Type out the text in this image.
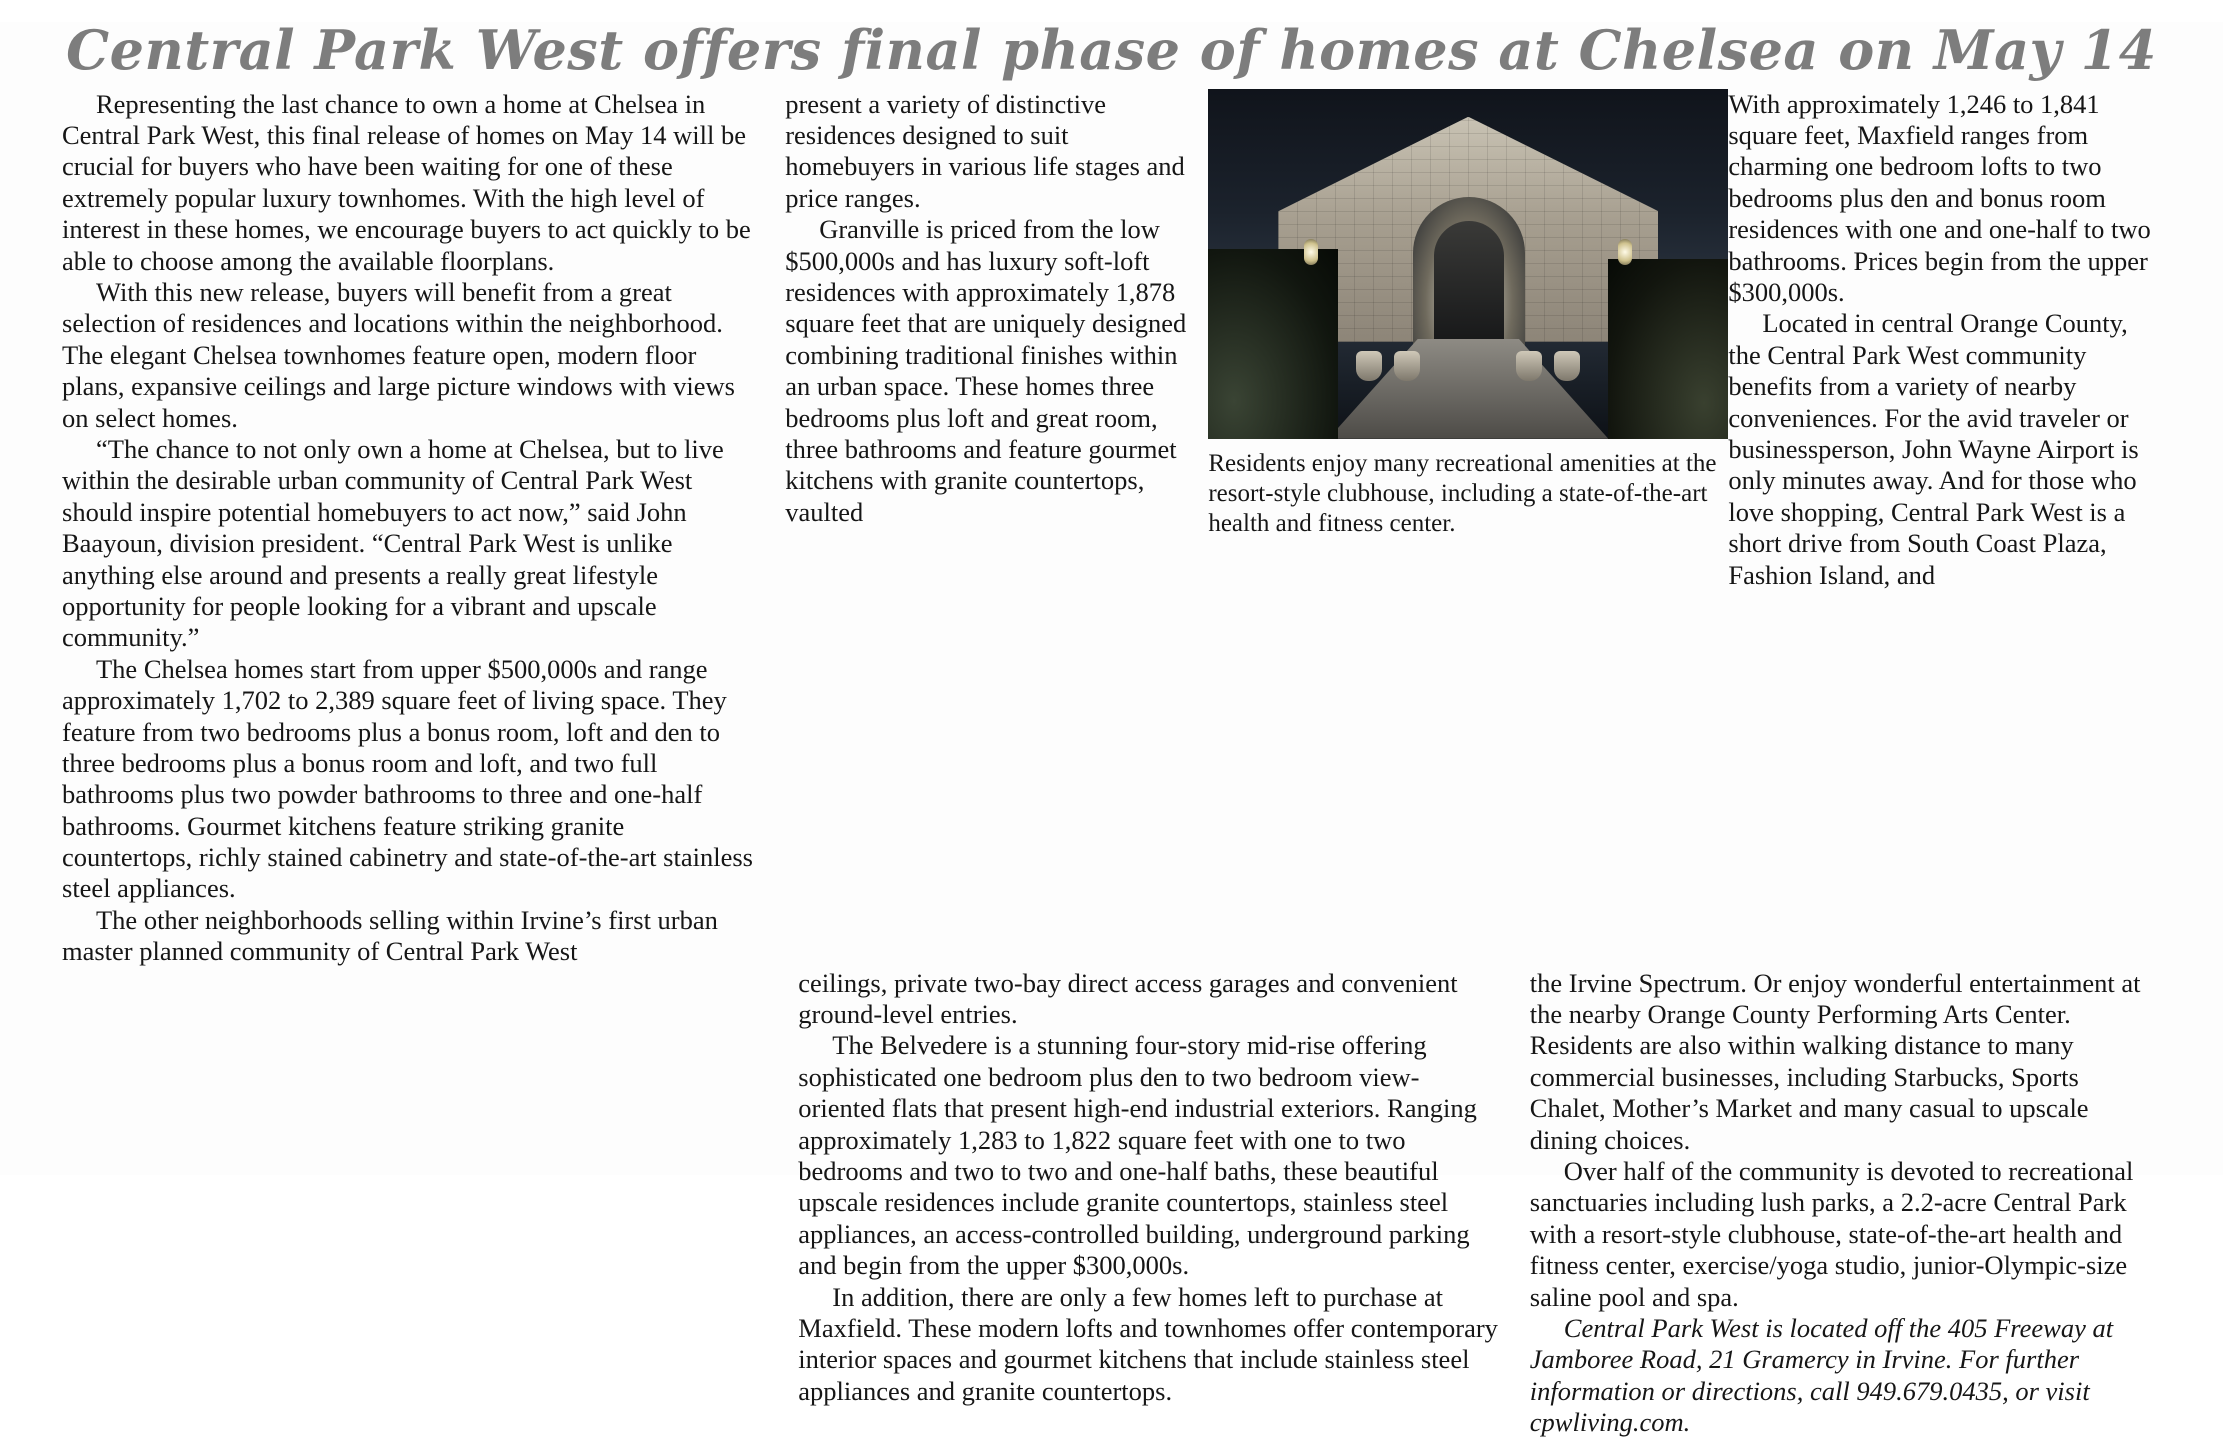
Central Park West offers final phase of homes at Chelsea on May 14

Representing the last chance to own a home at Chelsea in Central Park West, this final release of homes on May 14 will be crucial for buyers who have been waiting for one of these extremely popular luxury townhomes. With the high level of interest in these homes, we encourage buyers to act quickly to be able to choose among the available floorplans.

With this new release, buyers will benefit from a great selection of residences and locations within the neighborhood. The elegant Chelsea townhomes feature open, modern floor plans, expansive ceilings and large picture windows with views on select homes.

“The chance to not only own a home at Chelsea, but to live within the desirable urban community of Central Park West should inspire potential homebuyers to act now,” said John Baayoun, division president. “Central Park West is unlike anything else around and presents a really great lifestyle opportunity for people looking for a vibrant and upscale community.”

The Chelsea homes start from upper $500,000s and range approximately 1,702 to 2,389 square feet of living space. They feature from two bedrooms plus a bonus room, loft and den to three bedrooms plus a bonus room and loft, and two full bathrooms plus two powder bathrooms to three and one-half bathrooms. Gourmet kitchens feature striking granite countertops, richly stained cabinetry and state-of-the-art stainless steel appliances.

The other neighborhoods selling within Irvine’s first urban master planned community of Central Park West

present a variety of distinctive residences designed to suit homebuyers in various life stages and price ranges.

Granville is priced from the low $500,000s and has luxury soft-loft residences with approximately 1,878 square feet that are uniquely designed combining traditional finishes within an urban space. These homes three bedrooms plus loft and great room, three bathrooms and feature gourmet kitchens with granite countertops, vaulted

Residents enjoy many recreational amenities at the resort-style clubhouse, including a state-of-the-art health and fitness center.

With approximately 1,246 to 1,841 square feet, Maxfield ranges from charming one bedroom lofts to two bedrooms plus den and bonus room residences with one and one-half to two bathrooms. Prices begin from the upper $300,000s.

Located in central Orange County, the Central Park West community benefits from a variety of nearby conveniences. For the avid traveler or businessperson, John Wayne Airport is only minutes away. And for those who love shopping, Central Park West is a short drive from South Coast Plaza, Fashion Island, and

ceilings, private two-bay direct access garages and convenient ground-level entries.

The Belvedere is a stunning four-story mid-rise offering sophisticated one bedroom plus den to two bedroom view-oriented flats that present high-end industrial exteriors. Ranging approximately 1,283 to 1,822 square feet with one to two bedrooms and two to two and one-half baths, these beautiful upscale residences include granite countertops, stainless steel appliances, an access-controlled building, underground parking and begin from the upper $300,000s.

In addition, there are only a few homes left to purchase at Maxfield. These modern lofts and townhomes offer contemporary interior spaces and gourmet kitchens that include stainless steel appliances and granite countertops.

the Irvine Spectrum. Or enjoy wonderful entertainment at the nearby Orange County Performing Arts Center. Residents are also within walking distance to many commercial businesses, including Starbucks, Sports Chalet, Mother’s Market and many casual to upscale dining choices.

Over half of the community is devoted to recreational sanctuaries including lush parks, a 2.2-acre Central Park with a resort-style clubhouse, state-of-the-art health and fitness center, exercise/yoga studio, junior-Olympic-size saline pool and spa.

Central Park West is located off the 405 Freeway at Jamboree Road, 21 Gramercy in Irvine. For further information or directions, call 949.679.0435, or visit cpwliving.com.
